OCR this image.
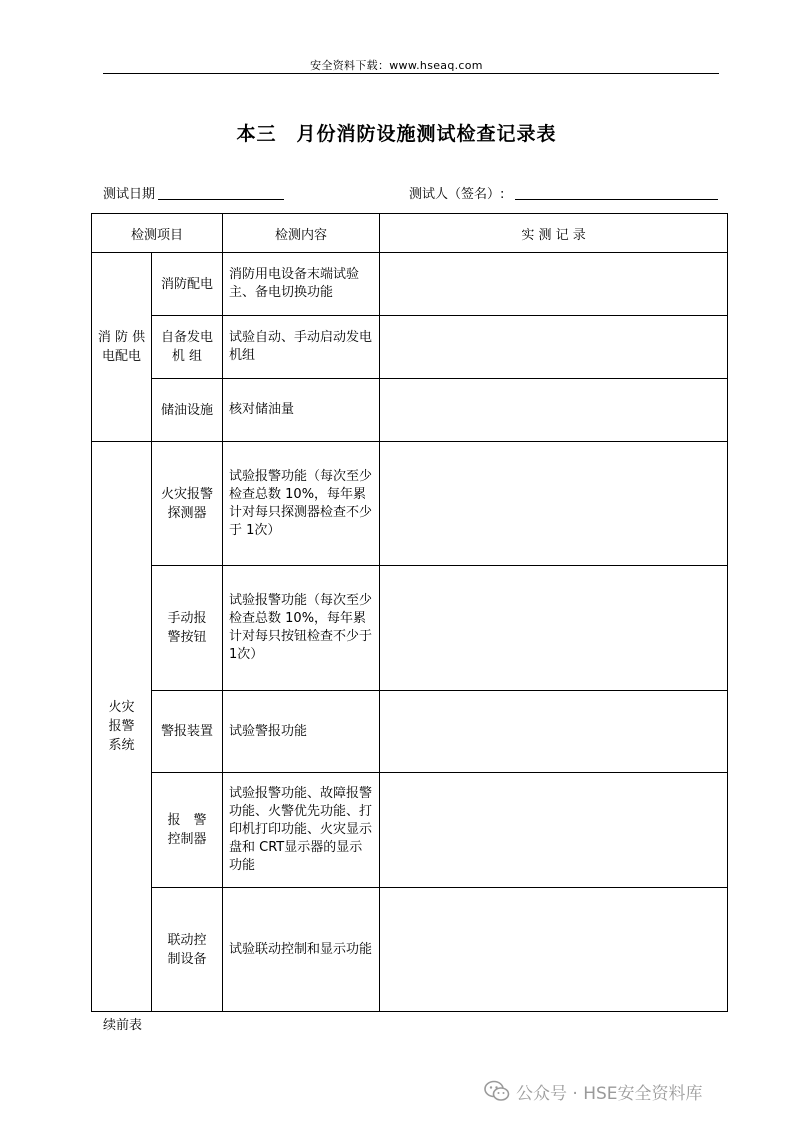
安全资料下载：www.hseaq.com
本三　月份消防设施测试检查记录表
测试日期	测试人（签名）:
检测项目		检测内容	实 测 记 录

消 防 供电配电	消防配电	消防用电设备末端试验主、备电切换功能	

	自备发电机 组	试验自动、手动启动发电机组	
	储油设施	核对储油量	

火灾报警系统	火灾报警探测器	试验报警功能（每次至少检查总数 10%，每年累计对每只探测器检查不少于 1次）	

	手动报警按钮	试验报警功能（每次至少检查总数 10%，每年累计对每只按钮检查不少于 1次）	
	警报装置	试验警报功能	

	报　警控制器	试验报警功能、故障报警功能、火警优先功能、打印机打印功能、火灾显示盘和 CRT显示器的显示功能	

	联动控制设备	试验联动控制和显示功能	
续前表
公众号 · HSE安全资料库
